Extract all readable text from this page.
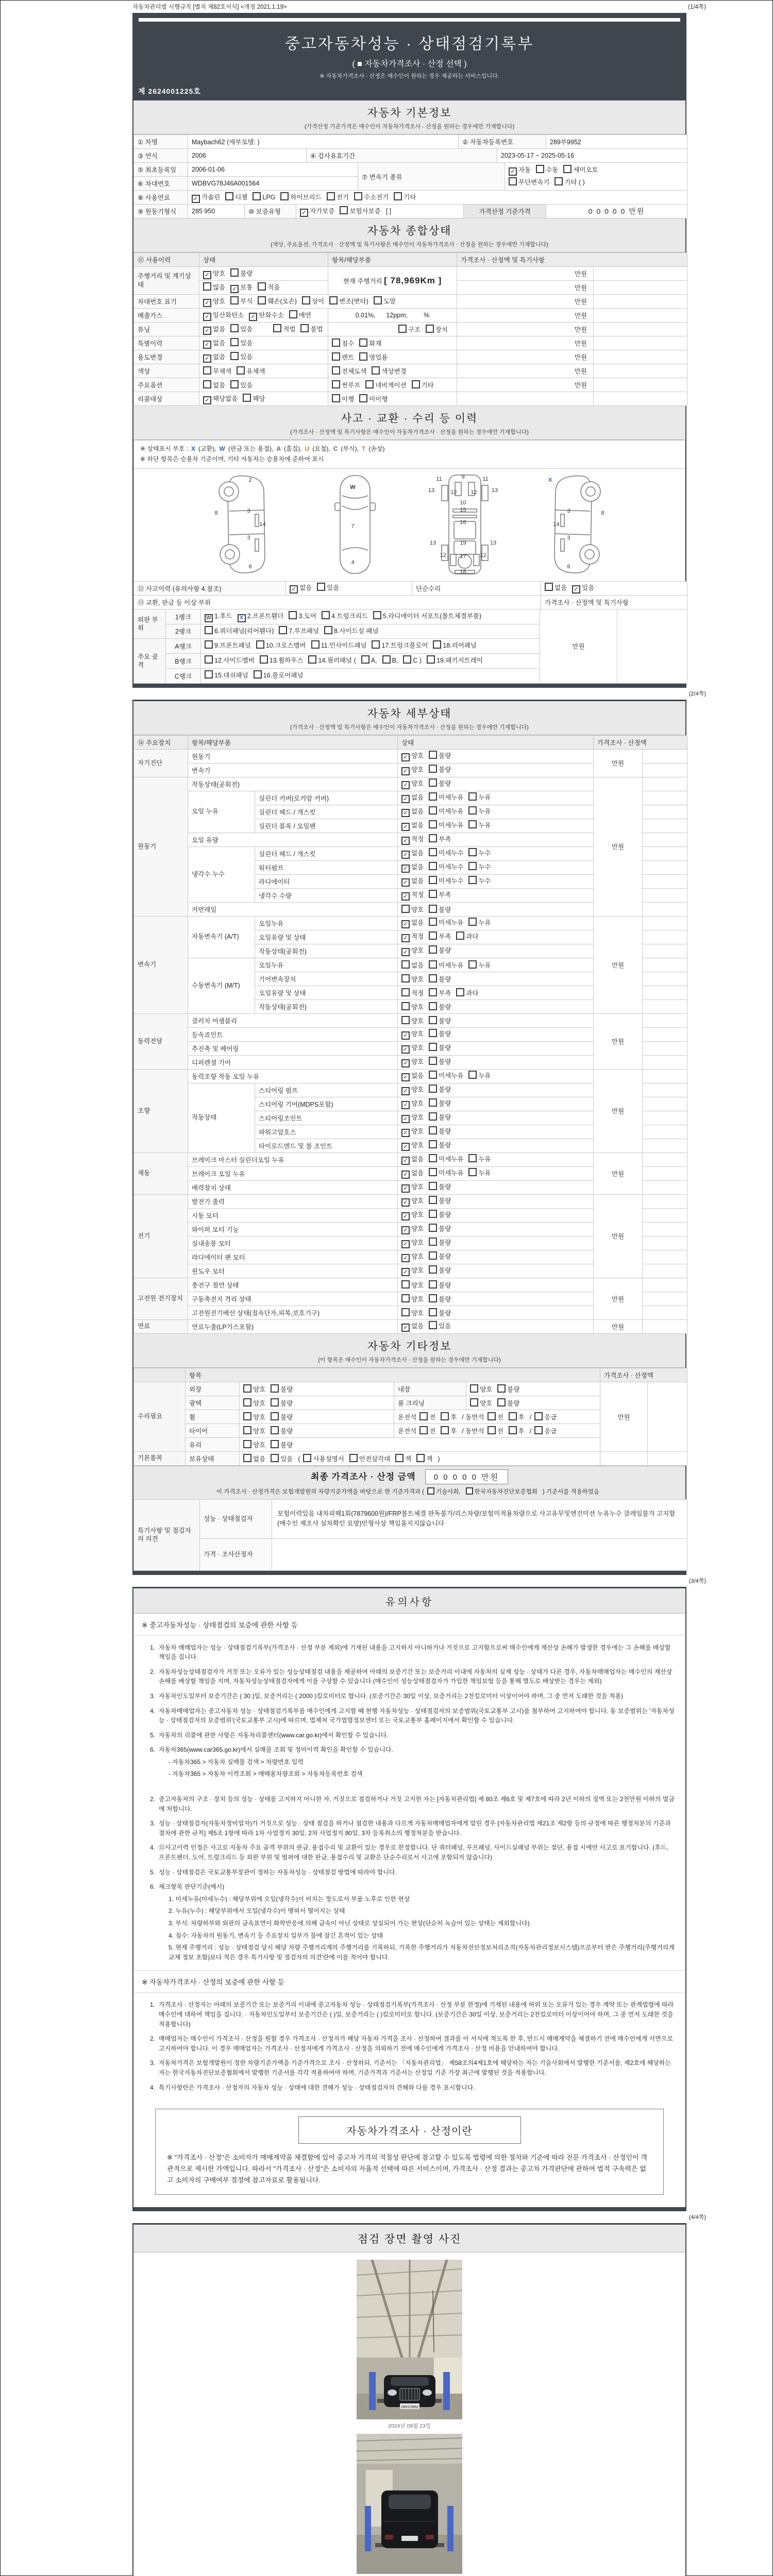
자동차관리법 시행규칙 [별지 제82호서식] <개정 2021.1.19>	(1/4쪽)
중고자동차성능 · 상태점검기록부
( ■ 자동차가격조사 · 산정 선택 )
※ 자동차가격조사 · 산정은 매수인이 원하는 경우 제공하는 서비스입니다.
제 2624001225호
자동차 기본정보
(가격산정 기준가격은 매수인이 자동차가격조사 · 산정을 원하는 경우에만 기재합니다)
① 차명	Maybach62 (세부모델: )	② 자동차등록번호	289부9952
③ 연식	2006	④ 검사유효기간	2023-05-17 ~ 2025-05-16
⑤ 최초등록일	2006-01-06	⑦ 변속기 종류	✓ 자동 수동 세미오토
무단변속기 기타 ( )

⑥ 차대번호	WDBVG78J46A001564		
⑧ 사용연료	✓ 가솔린 디젤 LPG 하이브리드 전기 수소전기 기타
⑨ 원동기형식	285 950	⑩ 보증유형	✓ 자가보증 보험사보증 [ ]	가격산정 기준가격	0 0 0 0 0 만원
자동차 종합상태
(색상, 주요옵션, 가격조사 · 산정액 및 특기사항은 매수인이 자동차가격조사 · 산정을 원하는 경우에만 기재합니다)
⑪ 사용이력	상태	항목/해당부품	가격조사 · 산정액 및 특기사항	
주행거리 및 계기상태	✓ 양호 불량	현재 주행거리 [ 78,969Km ]	만원	
	많음 ✓ 보통 적음		만원	
차대번호 표기	✓ 양호 부식 훼손(오손) 상이 변조(변타) 도말		만원	
배출가스	✓ 일산화탄소 ✓ 탄화수소 매연	0.01%,      12ppm,         %	만원	
튜닝	✓ 없음 있음 적법 불법	구조 장치	만원	
특별이력	✓ 없음 있음	침수 화재	만원	
용도변경	✓ 없음 있음	렌트 영업용	만원	
색상	무채색 유채색	전체도색 색상변경	만원	
주요옵션	없음 있음	썬루프 네비게이션 기타	만원	
리콜대상	✓ 해당없음 해당	이행 미이행		
사고 · 교환 · 수리 등 이력
(가격조사 · 산정액 및 특기사항은 매수인이 자동차가격조사 · 산정을 원하는 경우에만 기재합니다)
※ 상태표시 부호 : X (교환), W (판금 또는 용접), A (흠집), U (요철), C (부식), T (손상)
※ 하단 항목은 승용차 기준이며, 기타 자동차는 승용차에 준하여 표시
2
8	3
14
3
6
W
7
4
11	9	11
13	12 12	13
10
15
16
13	19	13
12 17 12
18
X
3	8
14
3
6
⑫ 사고이력 (유의사항 4.참조)	✓ 없음 있음	단순수리	없음 ✓ 있음
⑬ 교환, 판금 등 이상 부위	가격조사 · 산정액 및 특기사항
외판 부위	1랭크	W 1.후드 X 2.프론트휀더 3.도어 4.트렁크리드 5.라디에이터 서포트(볼트체결부품)	만원	
	2랭크	6.쿼더패널(리어휀다) 7.루프패널 8.사이드실 패널		
주요 골격	A랭크	9.프론트패널 10.크로스멤버 11.인사이드패널 17.트렁크플로어 18.리어패널		
	B랭크	12.사이드멤버 13.휠하우스 14.필러패널 ( A, B, C ) 19.패키지트레이		
	C랭크	15.대쉬패널 16.플로어패널		
(2/4쪽)
자동차 세부상태
(가격조사 · 산정액 및 특기사항은 매수인이 자동차가격조사 · 산정을 원하는 경우에만 기재합니다)
⑭ 주요장치	항목/해당부품		상태	가격조사 · 산정액	
자기진단	원동기		✓ 양호 불량	만원	
	변속기		✓ 양호 불량		
원동기	작동상태(공회전)		✓ 양호 불량	만원	
	오일 누유	실린더 커버(로커암 커버)	✓ 없음 미세누유 누유		
		실린더 헤드 / 개스킷	✓ 없음 미세누유 누유		
		실린더 블록 / 오일팬	✓ 없음 미세누유 누유		
	오일 유량		✓ 적정 부족		
	냉각수 누수	실린더 헤드 / 개스킷	✓ 없음 미세누수 누수		
		워터펌프	✓ 없음 미세누수 누수		
		라디에이터	✓ 없음 미세누수 누수		
		냉각수 수량	✓ 적정 부족		
	커먼레일		양호 불량		
변속기	자동변속기 (A/T)	오일누유	✓ 없음 미세누유 누유	만원	
		오일유량 및 상태	✓ 적정 부족 과다		
		작동상태(공회전)	✓ 양호 불량		
	수동변속기 (M/T)	오일누유	없음 미세누유 누유		
		기어변속장치	양호 불량		
		오일유량 및 상태	적정 부족 과다		
		작동상태(공회전)	양호 불량		
동력전달	클러치 어셈블리		양호 불량	만원	
	등속죠인트		✓ 양호 불량		
	추진축 및 베어링		✓ 양호 불량		
	디퍼렌셜 기어		✓ 양호 불량		
조향	동력조향 작동 오일 누유		✓ 없음 미세누유 누유	만원	
	작동상태	스티어링 펌프	✓ 양호 불량		
		스티어링 기어(MDPS포함)	✓ 양호 불량		
		스티어링조인트	✓ 양호 불량		
		파워고압호스	✓ 양호 불량		
		타이로드엔드 및 볼 조인트	✓ 양호 불량		
제동	브레이크 마스터 실린더오일 누유		✓ 없음 미세누유 누유	만원	
	브레이크 오일 누유		✓ 없음 미세누유 누유		
	배력장치 상태		✓ 양호 불량		
전기	발전기 출력		✓ 양호 불량	만원	
	시동 모터		✓ 양호 불량		
	와이퍼 모터 기능		✓ 양호 불량		
	실내송풍 모터		✓ 양호 불량		
	라디에이터 팬 모터		✓ 양호 불량		
	윈도우 모터		✓ 양호 불량		
고전원 전기장치	충전구 절연 상태		양호 불량	만원	
	구동축전지 격리 상태		양호 불량		
	고전원전기배선 상태(접속단자,피복,보호기구)		양호 불량		
연료	연료누출(LP가스포함)		✓ 없음 있음	만원	
자동차 기타정보
(이 항목은 매수인이 자동차가격조사 · 산정을 원하는 경우에만 기재합니다)
	항목				가격조사 · 산정액	
수리필요	외장	양호 불량	내장	양호 불량	만원	
	광택	양호 불량	룸 크리닝	양호 불량		
	휠	양호 불량	운전석 전 후 / 동반석 전 후 / 응급			
	타이어	양호 불량	운전석 전 후 / 동반석 전 후 / 응급			
	유리	양호 불량				
기본품목	보유상태	없음 있음 ( 사용설명서 안전삼각대 잭 잭 )				
최종 가격조사 · 산정 금액 0 0 0 0 0 만원
이 가격조사 · 산정가격은 보험개발원의 차량기준가액을 바탕으로 한 기준가격과 ( 기술사회, 한국자동차진단보증협회 ) 기준서를 적용하였음
특기사항 및 점검자의 의견	성능 · 상태점검자	보험이력있음 내차피해1회(7879600원)/FRP볼트체결 판독불가/리스차량/보험미적용차량으로 사고유무및엔진미션 누유누수 클레임불가 고지함(매수인 제조사 실차확인 요망)민형사상 책임을지지않습니다
	가격 · 조사산정자	
(3/4쪽)
유의사항
※ 중고자동차성능 · 상태점검의 보증에 관한 사항 등
1. 자동차 매매업자는 성능 · 상태점검기록부(가격조사 · 산정 부분 제외)에 기재된 내용을 고지하지 아니하거나 거짓으로 고지함으로써 매수인에게 재산상 손해가 발생한 경우에는 그 손해를 배상할 책임을 집니다.
2. 자동차성능상태점검자가 거짓 또는 오류가 있는 성능상태점검 내용을 제공하여 아래의 보증기간 또는 보증거리 이내에 자동차의 실제 성능 · 상태가 다른 경우, 자동차매매업자는 매수인의 재산상 손해를 배상할 책임을 지며, 자동차성능상태점검자에게 이를 구상할 수 있습니다.(매수인이 성능상태점검자가 가입한 책임보험 등을 통해 별도로 배상받는 경우는 제외)
3. 자동차인도일부터 보증기간은 ( 30 )일, 보증거리는 ( 2000 )킬로미터로 합니다. (보증기간은 30일 이상, 보증거리는 2천킬로미터 이상이어야 하며, 그 중 먼저 도래한 것을 적용)
4. 자동차매매업자는 중고자동차 성능 · 상태점검기록부를 매수인에게 고지할 때 현행 자동차성능 · 상태점검자의 보증범위(국토교통부 고시)를 첨부하여 고지하여야 합니다. 동 보증범위는 '자동차성능 · 상태점검자의 보증범위'(국토교통부 고시)에 따르며, 법제처 국가법령정보센터 또는 국토교통부 홈페이지에서 확인할 수 있습니다.
5. 자동차의 리콜에 관한 사항은 자동차리콜센터(www.car.go.kr)에서 확인할 수 있습니다.
6. 자동차365(www.car365.go.kr)에서 실매물 조회 및 정비이력 확인을 확인할 수 있습니다.
- 자동차365 > 자동차 실매물 검색 > 차량번호 입력
- 자동차365 > 자동차 이력조회 > 매매용차량조회 > 자동차등록번호 검색
2. 중고자동차의 구조 · 장치 등의 성능 · 상태를 고지하지 아니한 자, 거짓으로 점검하거나 거짓 고지한 자는 [자동차관리법] 제 80조 제6호 및 제7호에 따라 2년 이하의 징역 또는 2천만원 이하의 벌금에 처합니다.
3. 성능 · 상태점검자(자동차정비업자)가 거짓으로 성능 · 상태 점검을 하거나 점검한 내용과 다르게 자동차매매업자에게 알린 경우 [자동차관리법 제21조 제2항 등의 규정에 따른 행정처분의 기준과 절차에 관한 규칙] 제5조 1항에 따라 1차 사업정지 30일, 2차 사업정지 90일, 3차 등록취소의 행정처분을 받습니다.
4. ⑫사고이력 인정은 사고로 자동차 주요 골격 부위의 판금, 용접수리 및 교환이 있는 경우로 한정합니다. 단 쿼터패널, 루프패널, 사이드실패널 부위는 절단, 용접 시에만 사고로 표기합니다. (후드, 프론트펜더, 도어, 트렁크리드 등 외판 부위 및 범퍼에 대한 판금, 용접수리 및 교환은 단순수리로서 사고에 포함되지 않습니다)
5. 성능 · 상태점검은 국토교통부장관이 정하는 자동차성능 · 상태점검 방법에 따라야 합니다.
6. 체크항목 판단기준(예시)
1. 미세누유(미세누수) : 해당부위에 오일(냉각수)이 비치는 정도로서 부품 노후로 인한 현상
2. 누유(누수) : 해당부위에서 오일(냉각수)이 맺혀서 떨어지는 상태
3. 부식: 차량하부와 외판의 금속표면이 화학반응에 의해 금속이 아닌 상태로 상실되어 가는 현상(단순히 녹슬어 있는 상태는 제외합니다)
4. 침수: 자동차의 원동기, 변속기 등 주요장치 일부가 물에 잠긴 흔적이 있는 상태
5. 현재 주행거리 : 성능 · 상태점검 당시 해당 차량 주행거리계의 주행거리를 기록하되, 기록한 주행거리가 자동차전산정보처리조직(자동차관리정보시스템)으로부터 받은 주행거리(주행거리계 교체 정보 포함)보다 적은 경우 특기사항 및 점검자의 의견'란에 이를 적어야 합니다.
※ 자동차가격조사 · 산정의 보증에 관한 사항 등
1. 가격조사 · 산정자는 아래의 보증기간 또는 보증거리 이내에 중고자동차 성능 · 상태점검기록부(가격조사 · 산정 부분 한정)에 기재된 내용에 허위 또는 오류가 있는 경우 계약 또는 관계법령에 따라 매수인에 대하여 책임을 집니다. · 자동차인도일부터 보증기간은 ( )일, 보증거리는 ( )킬로미터로 합니다. (보증기간은 30일 이상, 보증거리는 2천킬로미터 이상이어야 하며, 그 중 먼저 도래한 것을 적용합니다)
2. 매매업자는 매수인이 가격조사 · 산정을 원할 경우 가격조사 · 산정자가 해당 자동차 가격을 조사 · 산정하여 결과를 이 서식에 적도록 한 후, 반드시 매매계약을 체결하기 전에 매수인에게 서면으로 고지하여야 합니다. 이 경우 매매업자는 가격조사 · 산정자에게 가격조사 · 산정을 의뢰하기 전에 매수인에게 가격조사 · 산정 비용을 안내하여야 합니다.
3. 자동차가격은 보험개발원이 정한 차량기준가액을 기준가격으로 조사 · 산정하되, 기준서는 「자동차관리법」 제58조의4제1호에 해당하는 자는 기술사회에서 발행한 기준서를, 제2호에 해당하는 자는 한국자동차진단보증협회에서 발행한 기준서를 각각 적용하여야 하며, 기준가격과 기준서는 산정일 기준 가장 최근에 발행된 것을 적용합니다.
4. 특기사항란은 가격조사 · 산정자의 자동차 성능 · 상태에 대한 견해가 성능 · 상태점검자의 견해와 다를 경우 표시합니다.
자동차가격조사 · 산정이란
※ "가격조사 · 산정"은 소비자가 매매계약을 체결함에 있어 중고차 가격의 적절성 판단에 참고할 수 있도록 법령에 의한 절차와 기준에 따라 전문 가격조사 · 산정인이 객관적으로 제시한 가액입니다. 따라서 "가격조사 · 산정"은 소비자의 자율적 선택에 따른 서비스이며, 가격조사 · 산정 결과는 중고차 가격판단에 관하여 법적 구속력은 없고 소비자의 구매여부 결정에 참고자료로 활용됩니다.
(4/4쪽)
점검 장면 촬영 사진
289부9952
2024년 09월 23일
